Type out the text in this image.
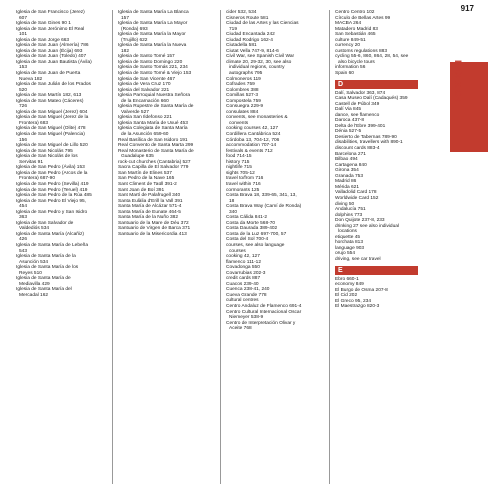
917
INDEX C-E

Iglesia de San Francisco (Jerez) 607

Iglesia de San Gines 90 1

Iglesia de San Jerónimo El Real 101

Iglesia de San Jorge 663

Iglesia de San Juan (Almería) 786

Iglesia de San Juan (Écija) 693

Iglesia de San Juan (Toledo) 407

Iglesia de San Juan Bautista (Ávila) 153

Iglesia de San Juan de Puerta Nueva 182

Iglesia de San Julián de los Prados 520

Iglesia de San Martín 182, 613

Iglesia de San Mateo (Cáceres) 726

Iglesia de San Miguel (Jerez) 604

Iglesia de San Miguel (Jerez de la Frontera) 683

Iglesia de San Miguel (Olite) 478

Iglesia de San Miguel (Palencia) 156

Iglesia de San Miguel de Lillo 520

Iglesia de San Nicolás 795

Iglesia de San Nicolás de los Servitas 91

Iglesia de San Pedro (Ávila) 153

Iglesia de San Pedro (Arcos de la Frontera) 687-90

Iglesia de San Pedro (Sevilla) 419

Iglesia de San Pedro (Teruel) 419

Iglesia de San Pedro de la Rúa 485

Iglesia de San Pedro El Viejo 95, 454

Iglesia de San Pedro y San Isidro 363

Iglesia de San Salvador de Valdediós 534

Iglesia de Santa María (Alcañiz) 426

Iglesia de Santa María de Lebeña 543

Iglesia de Santa María de la Asunción 534

Iglesia de Santa María de los Reyes 510

Iglesia de Santa María de Mediavilla 429

Iglesia de Santa María del Mercadal 162

Iglesia de Santa María La Blanca 157

Iglesia de Santa María La Mayor (Ronda) 693

Iglesia de Santa María la Mayor (Trujillo) 622

Iglesia de Santa María la Nueva 182

Iglesia de Santo Tomé 157

Iglesia de Santo Domingo 220

Iglesia de Santo Tomás 221, 234

Iglesia de Santo Tomé & Viejo 153

Iglesia de San Vicente 467

Iglesia de Vera Cruz 170

Iglesia del Salvador 221

Iglesia Parroquial Nuestra Señora de la Encarnación 660

Iglesia Rupestre de Santa María de Valverde 527

Iglesia San Ildefonso 221

Iglesia Santa María de Uxué 453

Iglesia Colegiata de Santa María de la Asunción 659-60

Real Basílica de San Isidoro 191

Real Convento de Santa Marta 299

Real Monasterio de Santa María de Guadalupe 635

rock-cut churches (Cantabria) 527

Sacra Capilla de El Salvador 779

San Martín de Elines 537

San Pedro de la Nave 165

Sant Climent de Taüll 391-2

Sant Joan de Boí 391

Sant Martí de Palafrugell 340

Santa Eulàlia d'Erill la Vall 391

Santa María de Alcázar 571-4

Santa María de Eunate 464-5

Santa María de la Nuño 382

Santuario de la Mare de Déu 372

Santuario de Virgen de Barca 371

Santuario de la Misericordia 413

cider 532, 534

Cisneros Route 581

Ciudad de las Artes y las Ciencias 719

Ciudad Encantada 242

Ciudad Rodrigo 162-4

Ciutadella 581

Ciutat Vella 747-9, 814-6

Civil War, see Spanish Civil War

climate 20, 29-32, 30, see also individual regions, country autographs 795

Colmoneros 119

Cofrades 759

Colombres 388

Comillas 527-3

Compostela 759

Consuegra 229-9

consulates 884

convents, see monasteries & convents

cooking courses 42, 127

Cordillera Cantábrica 524

Córdoba 13, 704-12, 706

accommodation 707-14

festivals & events 712

food 714-15

history 715

nightlife 715

sights 705-12

travel to/from 716

travel within 716

cormorants 125

Costa Brava 18, 339-65, 341, 13, 18

Costa Brava Way (Camí de Ronda) 340

Costa Cálida 841-2

Costa da Morte 568-70

Costa Daurada 389-402

Costa de la Luz 697-700, 57

Costa del Sol 700-4

courses, see also language courses

cooking 42, 127

flamenco 111-12

Covadonga 550

Covarrubias 202-3

credit cards 887

Cuacos 239-40

Cuenca 238-41, 240

Cueva Grande 778

cultural centres

Centro Andaluz de Flamenco 691-4

Centro Cultural Internacional Oscar Niemeyer 538-9

Centro de Interpretación Olivar y Aceite 768

Centro Centro 102

Círculo de Bellas Artes 99

MACBA 264

Matadero Madrid 83

San Sebastián 465

culture 849-51

currency 20

customs regulations 883

cycling 55-6, 860, 864, 28, 54, see also bicycle tours

information 56

Spain 60

D

Dalí, Salvador 363, 874

Casa Museo Dalí (Cadaqués) 359

Castell de Púbol 349

Dalí Via 845

dance, see flamenco

Daroca 437-8

Delta de l'Ebre 399-401

Dénia 527-5

Desierto de Tabernas 789-90

disabilities, travellers with 890-1

discount cards 883-4

Barcelona 271

Bilbao 494

Cartagena 840

Girona 354

Granada 753

Madrid 86

Mérida 621

Valladolid Card 178

Worldwide Card 152

diving 50

Andalucía 751

dolphins 773

Don Quijote 237-8, 233

drinking 27 see also individual locations

etiquette 45

horchata 813

language 903

orujo 554

driving, see car travel

E

Ebro 660-1

economy 849

El Burgo de Osma 207-8

El Cid 202

El Greco 95, 234

El Maestrazgo 820-3
